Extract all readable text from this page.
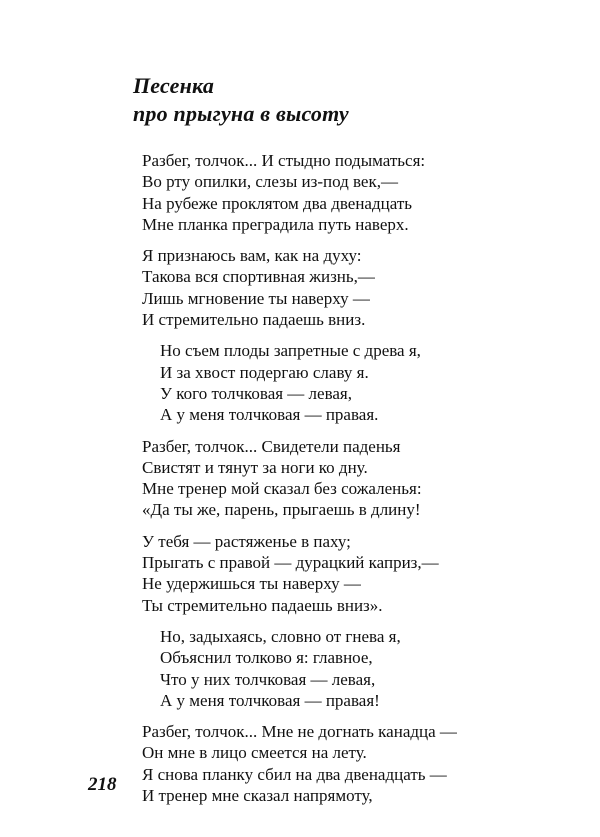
Песенка
про прыгуна в высоту
Разбег, толчок... И стыдно подыматься:
Во рту опилки, слезы из-под век,—
На рубеже проклятом два двенадцать
Мне планка преградила путь наверх.
Я признаюсь вам, как на духу:
Такова вся спортивная жизнь,—
Лишь мгновение ты наверху —
И стремительно падаешь вниз.
Но съем плоды запретные с древа я,
И за хвост подергаю славу я.
У кого толчковая — левая,
А у меня толчковая — правая.
Разбег, толчок... Свидетели паденья
Свистят и тянут за ноги ко дну.
Мне тренер мой сказал без сожаленья:
«Да ты же, парень, прыгаешь в длину!
У тебя — растяженье в паху;
Прыгать с правой — дурацкий каприз,—
Не удержишься ты наверху —
Ты стремительно падаешь вниз».
Но, задыхаясь, словно от гнева я,
Объяснил толково я: главное,
Что у них толчковая — левая,
А у меня толчковая — правая!
Разбег, толчок... Мне не догнать канадца —
Он мне в лицо смеется на лету.
Я снова планку сбил на два двенадцать —
И тренер мне сказал напрямоту,
218
